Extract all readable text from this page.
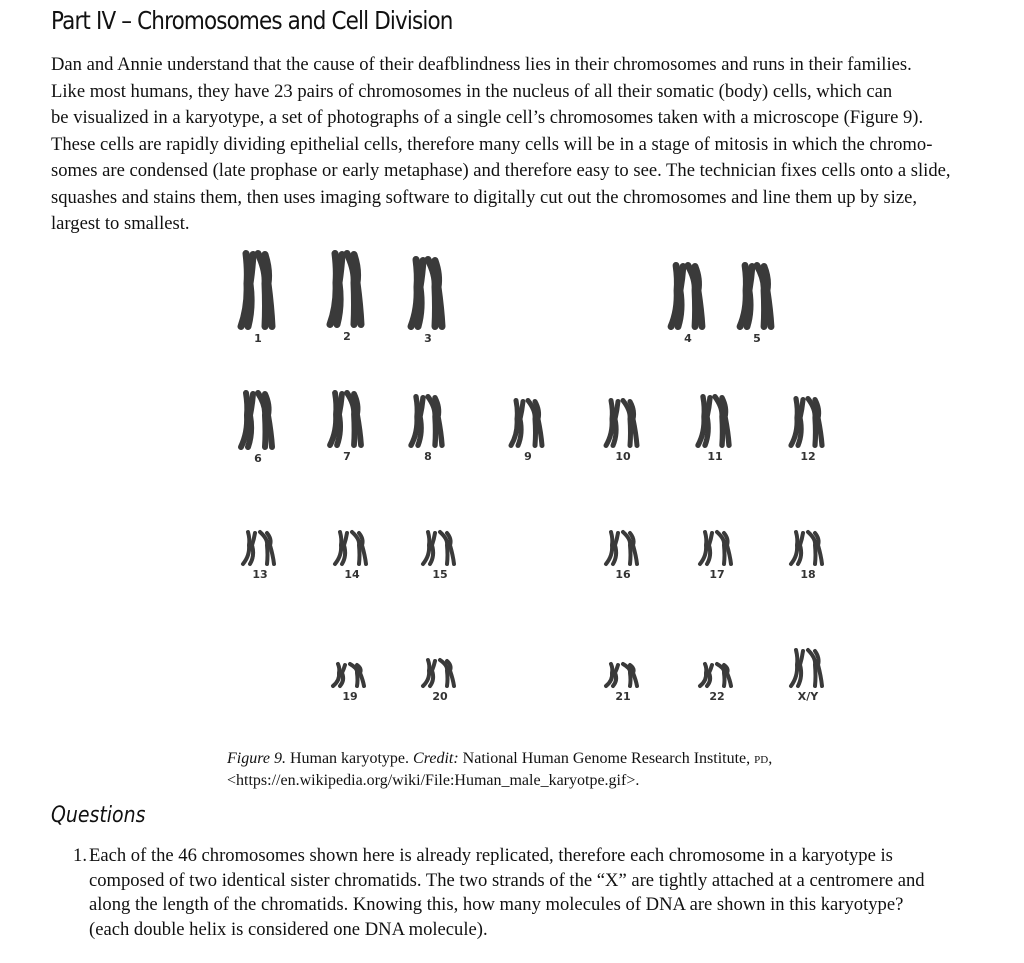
Part IV – Chromosomes and Cell Division

Dan and Annie understand that the cause of their deafblindness lies in their chromosomes and runs in their families.
Like most humans, they have 23 pairs of chromosomes in the nucleus of all their somatic (body) cells, which can
be visualized in a karyotype, a set of photographs of a single cell’s chromosomes taken with a microscope (Figure 9).
These cells are rapidly dividing epithelial cells, therefore many cells will be in a stage of mitosis in which the chromo-
somes are condensed (late prophase or early metaphase) and therefore easy to see. The technician fixes cells onto a slide,
squashes and stains them, then uses imaging software to digitally cut out the chromosomes and line them up by size,
largest to smallest.

1	2	3	4	5
6	7	8	9	10	11	12
13	14	15	16	17	18
19	20	21	22	X/Y

Figure 9. Human karyotype. Credit: National Human Genome Research Institute, pd,
<https://en.wikipedia.org/wiki/File:Human_male_karyotpe.gif>.

Questions
1. Each of the 46 chromosomes shown here is already replicated, therefore each chromosome in a karyotype is
composed of two identical sister chromatids. The two strands of the “X” are tightly attached at a centromere and
along the length of the chromatids. Knowing this, how many molecules of DNA are shown in this karyotype?
(each double helix is considered one DNA molecule).
